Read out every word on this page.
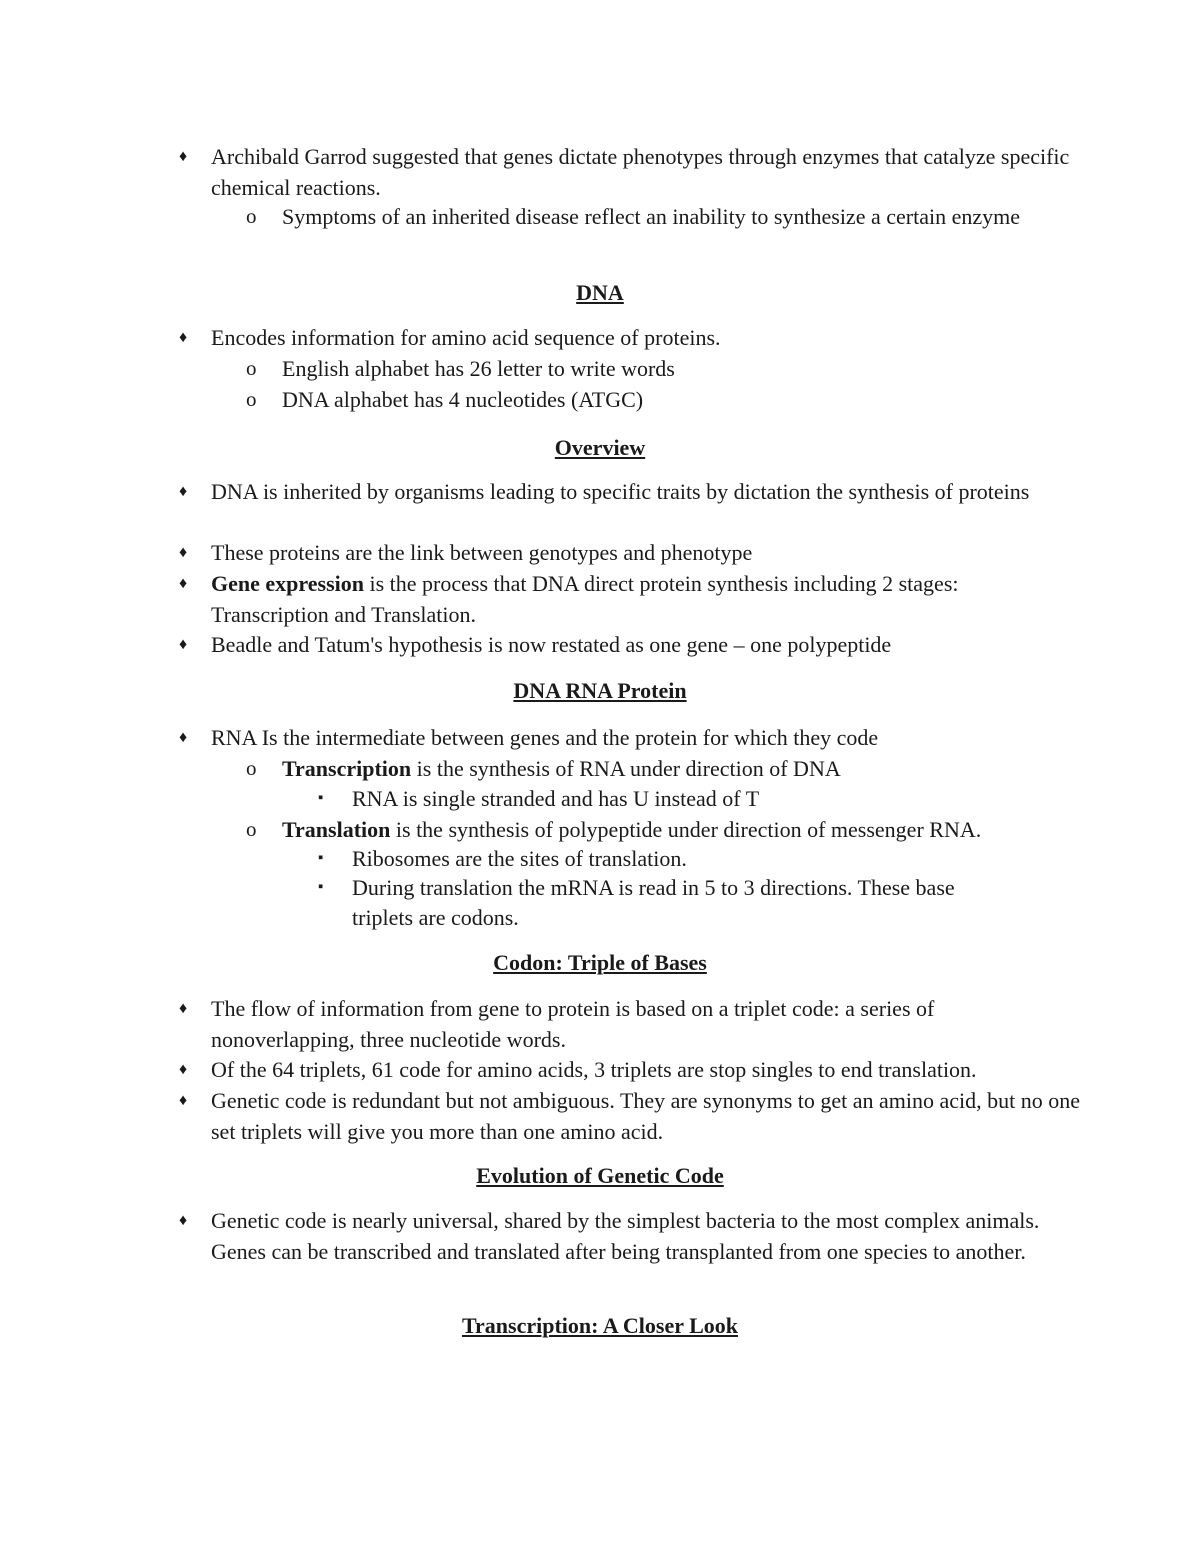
♦	Archibald Garrod suggested that genes dictate phenotypes through enzymes that catalyze specific chemical reactions.
o	Symptoms of an inherited disease reflect an inability to synthesize a certain enzyme
DNA
♦	Encodes information for amino acid sequence of proteins.
o	English alphabet has 26 letter to write words
o	DNA alphabet has 4 nucleotides (ATGC)
Overview
♦	DNA is inherited by organisms leading to specific traits by dictation the synthesis of proteins
♦	These proteins are the link between genotypes and phenotype
♦	Gene expression is the process that DNA direct protein synthesis including 2 stages: Transcription and Translation.
♦	Beadle and Tatum's hypothesis is now restated as one gene – one polypeptide
DNA RNA Protein
♦	RNA Is the intermediate between genes and the protein for which they code
o	Transcription is the synthesis of RNA under direction of DNA
▪	RNA is single stranded and has U instead of T
o	Translation is the synthesis of polypeptide under direction of messenger RNA.
▪	Ribosomes are the sites of translation.
▪	During translation the mRNA is read in 5 to 3 directions. These base triplets are codons.
Codon: Triple of Bases
♦	The flow of information from gene to protein is based on a triplet code: a series of nonoverlapping, three nucleotide words.
♦	Of the 64 triplets, 61 code for amino acids, 3 triplets are stop singles to end translation.
♦	Genetic code is redundant but not ambiguous. They are synonyms to get an amino acid, but no one set triplets will give you more than one amino acid.
Evolution of Genetic Code
♦	Genetic code is nearly universal, shared by the simplest bacteria to the most complex animals. Genes can be transcribed and translated after being transplanted from one species to another.
Transcription: A Closer Look
